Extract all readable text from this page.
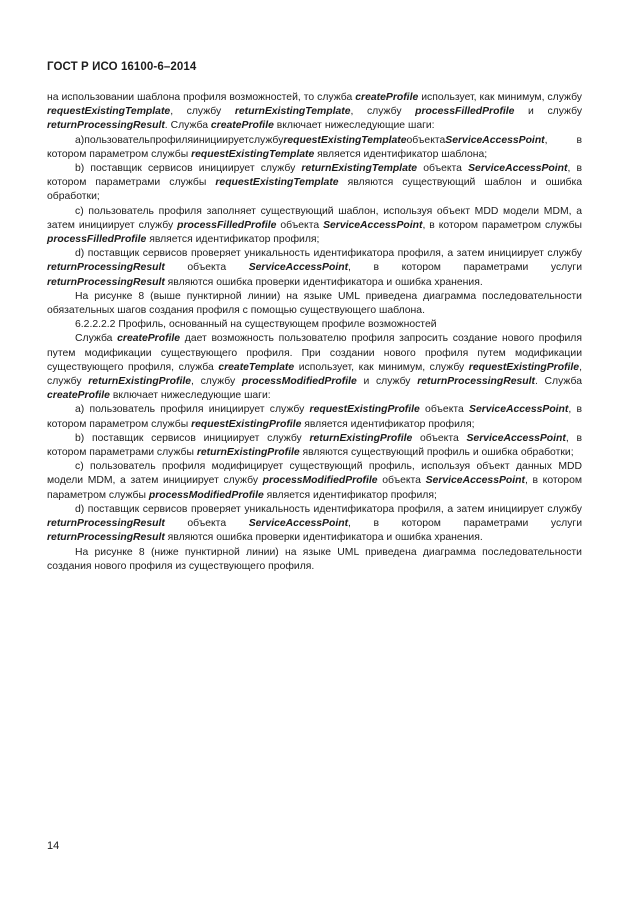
ГОСТ Р ИСО 16100-6–2014

на использовании шаблона профиля возможностей, то служба createProfile использует, как минимум, службу requestExistingTemplate, службу returnExistingTemplate, службу processFilledProfile и службу returnProcessingResult. Служба createProfile включает нижеследующие шаги:

a)пользовательпрофиляинициируетслужбуrequestExistingTemplateобъектаServiceAccessPoint, в котором параметром службы requestExistingTemplate является идентификатор шаблона;

b) поставщик сервисов инициирует службу returnExistingTemplate объекта ServiceAccessPoint, в котором параметрами службы requestExistingTemplate являются существующий шаблон и ошибка обработки;

c) пользователь профиля заполняет существующий шаблон, используя объект MDD модели MDM, а затем инициирует службу processFilledProfile объекта ServiceAccessPoint, в котором параметром службы processFilledProfile является идентификатор профиля;

d) поставщик сервисов проверяет уникальность идентификатора профиля, а затем инициирует службу returnProcessingResult объекта ServiceAccessPoint, в котором параметрами услуги returnProcessingResult являются ошибка проверки идентификатора и ошибка хранения.

На рисунке 8 (выше пунктирной линии) на языке UML приведена диаграмма последовательности обязательных шагов создания профиля с помощью существующего шаблона.

6.2.2.2.2 Профиль, основанный на существующем профиле возможностей

Служба createProfile дает возможность пользователю профиля запросить создание нового профиля путем модификации существующего профиля. При создании нового профиля путем модификации существующего профиля, служба createTemplate использует, как минимум, службу requestExistingProfile, службу returnExistingProfile, службу processModifiedProfile и службу returnProcessingResult. Служба createProfile включает нижеследующие шаги:

a) пользователь профиля инициирует службу requestExistingProfile объекта ServiceAccessPoint, в котором параметром службы requestExistingProfile является идентификатор профиля;

b) поставщик сервисов инициирует службу returnExistingProfile объекта ServiceAccessPoint, в котором параметрами службы returnExistingProfile являются существующий профиль и ошибка обработки;

c) пользователь профиля модифицирует существующий профиль, используя объект данных MDD модели MDM, а затем инициирует службу processModifiedProfile объекта ServiceAccessPoint, в котором параметром службы processModifiedProfile является идентификатор профиля;

d) поставщик сервисов проверяет уникальность идентификатора профиля, а затем инициирует службу returnProcessingResult объекта ServiceAccessPoint, в котором параметрами услуги returnProcessingResult являются ошибка проверки идентификатора и ошибка хранения.

На рисунке 8 (ниже пунктирной линии) на языке UML приведена диаграмма последовательности создания нового профиля из существующего профиля.

14
